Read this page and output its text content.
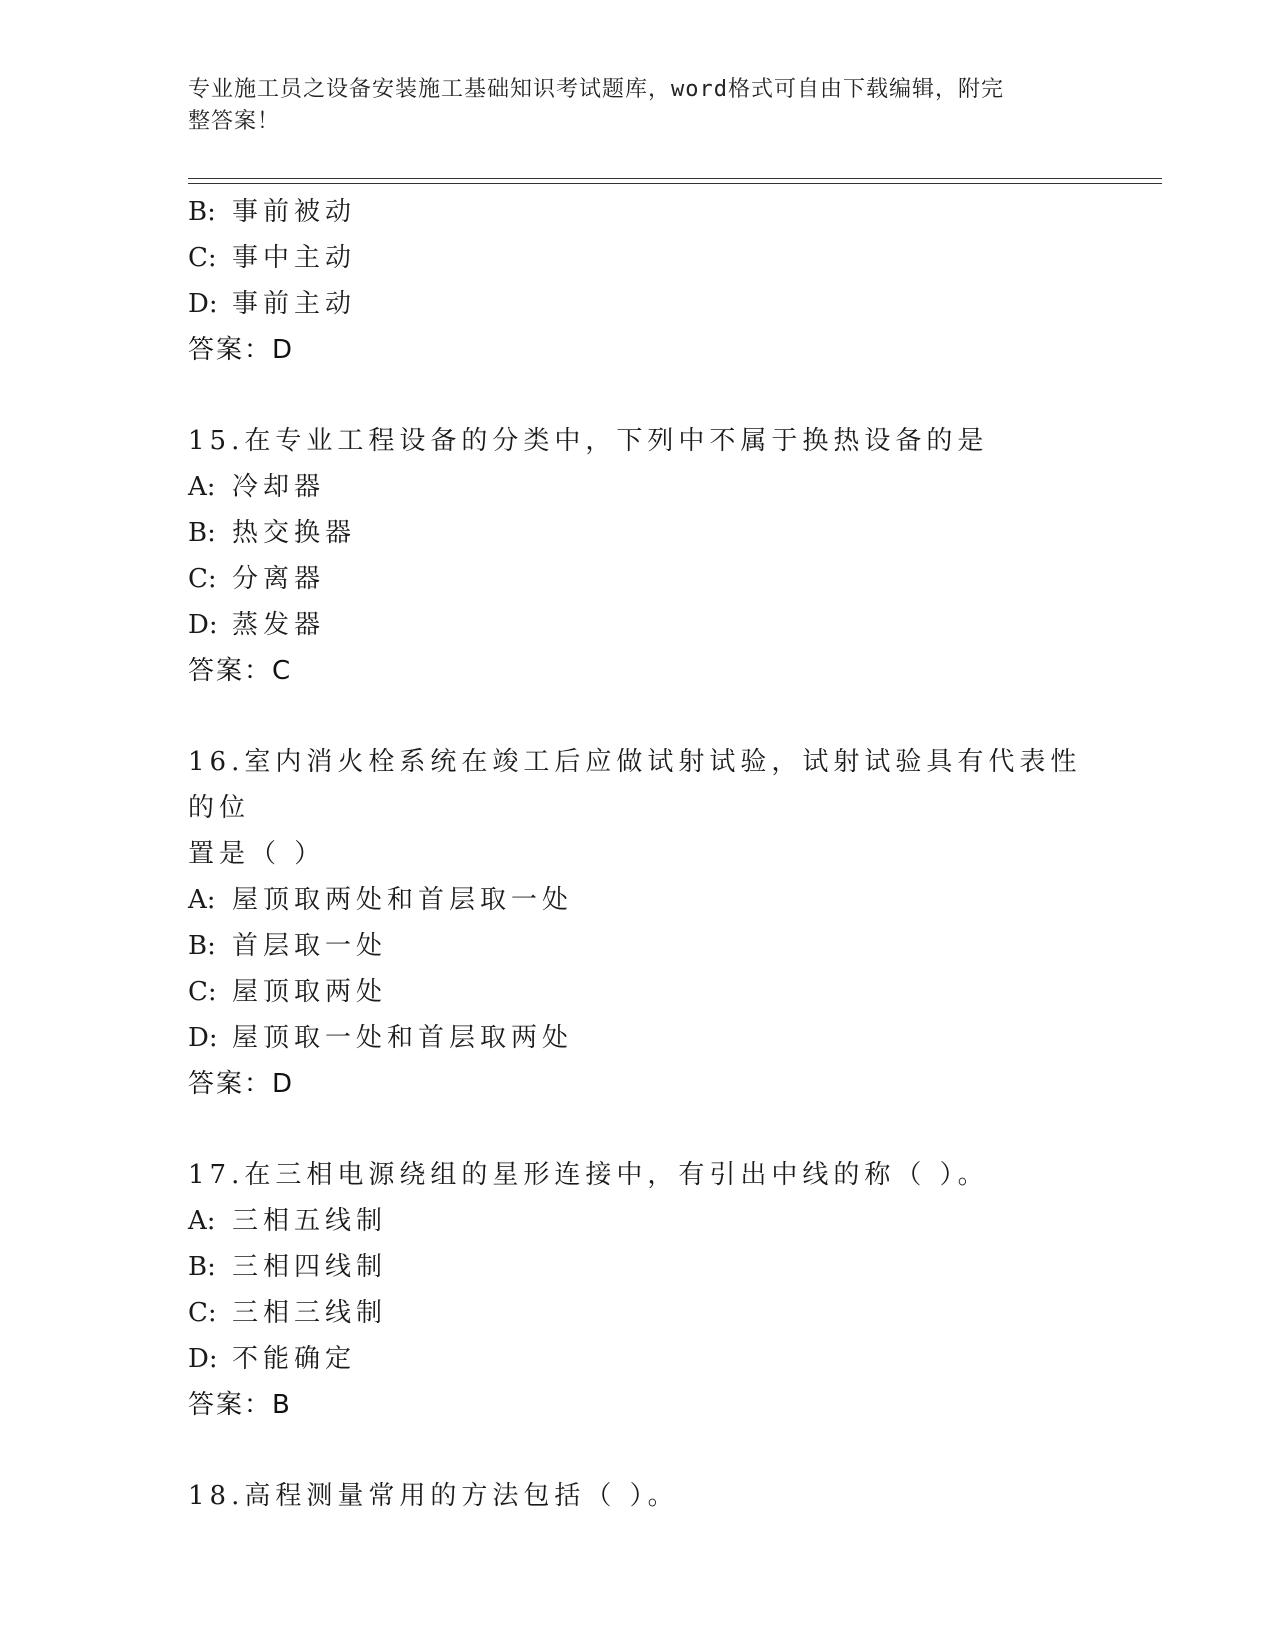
专业施工员之设备安装施工基础知识考试题库，word格式可自由下载编辑，附完
整答案！
B: 事前被动
C: 事中主动
D: 事前主动
答案：D
15.在专业工程设备的分类中，下列中不属于换热设备的是
A: 冷却器
B: 热交换器
C: 分离器
D: 蒸发器
答案：C
16.室内消火栓系统在竣工后应做试射试验，试射试验具有代表性的位
置是（ ）
A: 屋顶取两处和首层取一处
B: 首层取一处
C: 屋顶取两处
D: 屋顶取一处和首层取两处
答案：D
17.在三相电源绕组的星形连接中，有引出中线的称（ ）。
A: 三相五线制
B: 三相四线制
C: 三相三线制
D: 不能确定
答案：B
18.高程测量常用的方法包括（ ）。
